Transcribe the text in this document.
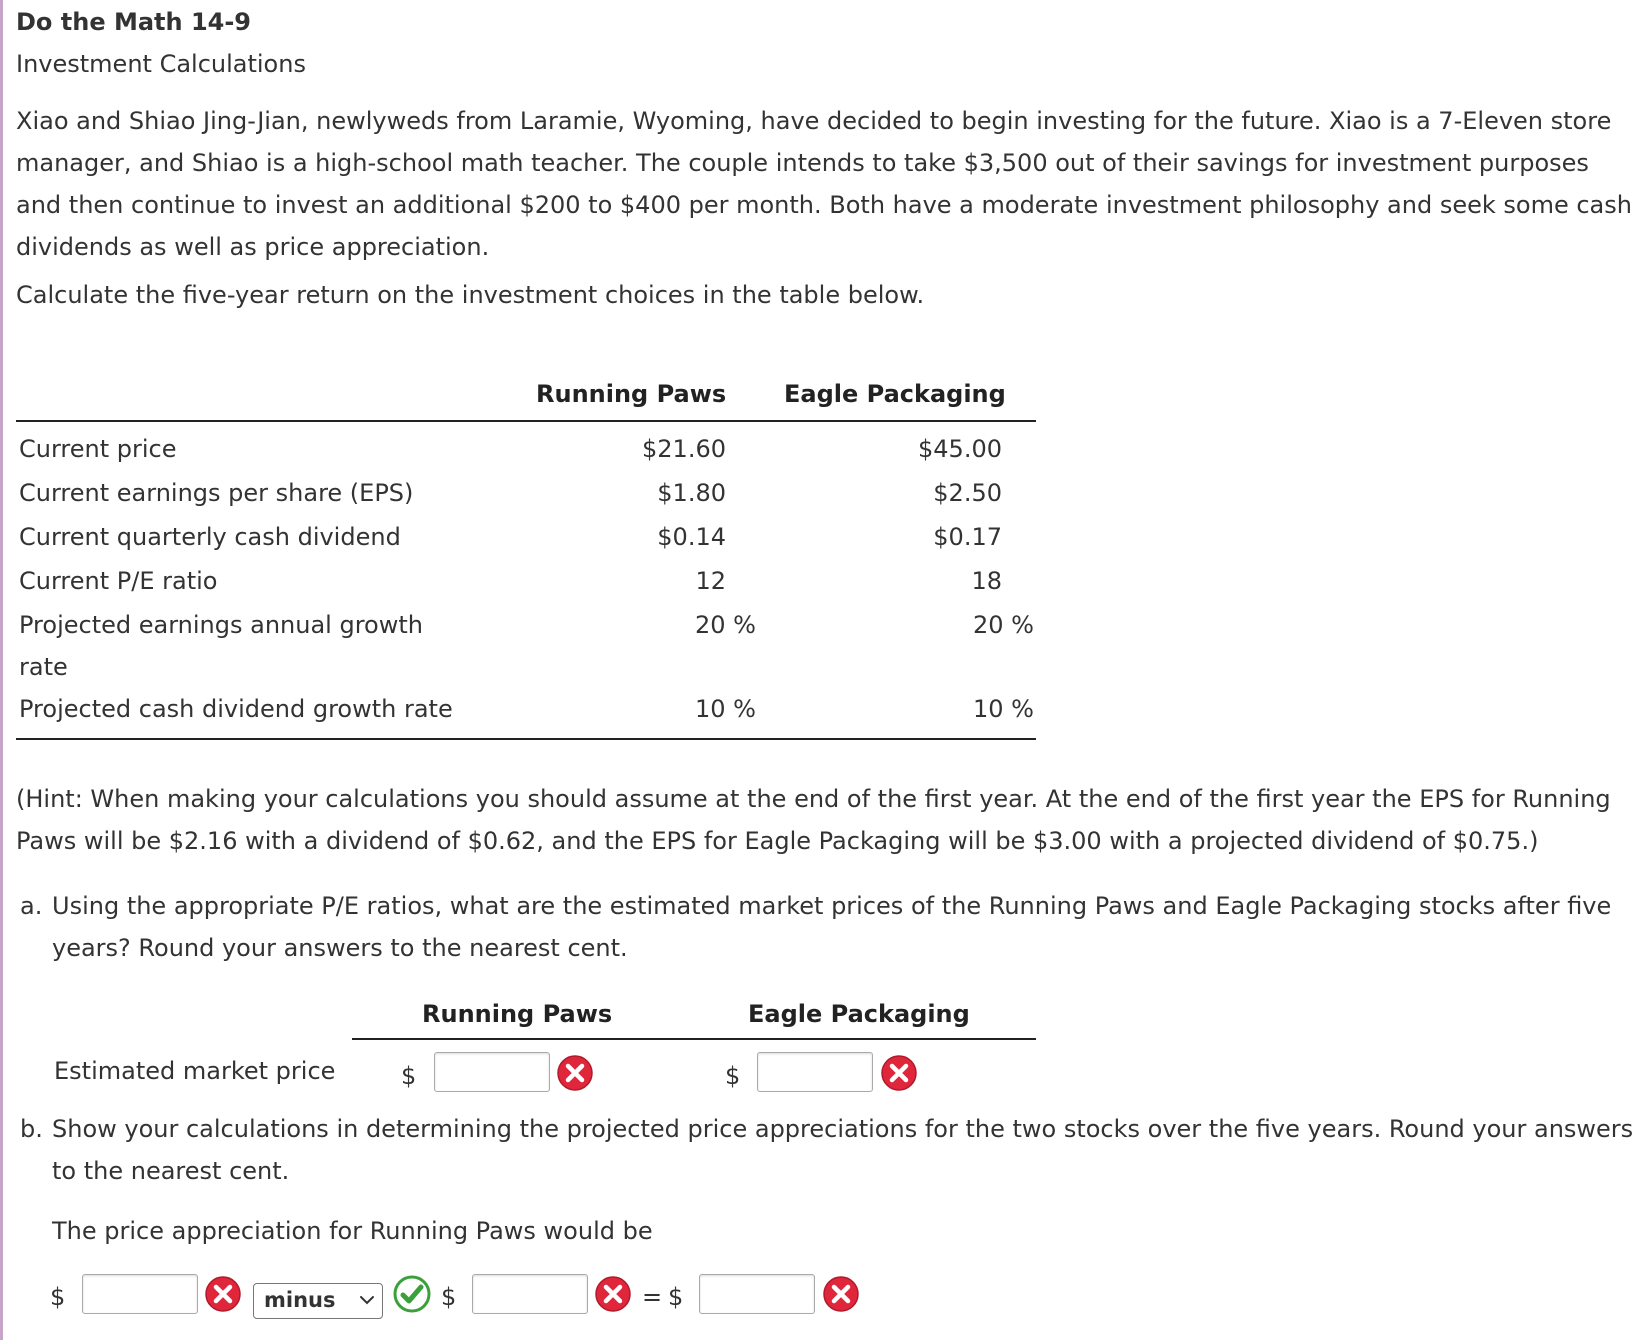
Do the Math 14-9
Investment Calculations
Xiao and Shiao Jing-Jian, newlyweds from Laramie, Wyoming, have decided to begin investing for the future. Xiao is a 7-Eleven store manager, and Shiao is a high-school math teacher. The couple intends to take $3,500 out of their savings for investment purposes and then continue to invest an additional $200 to $400 per month. Both have a moderate investment philosophy and seek some cash dividends as well as price appreciation.
Calculate the five-year return on the investment choices in the table below.
Running Paws Eagle Packaging
Current price	$21.60	$45.00
Current earnings per share (EPS)	$1.80	$2.50
Current quarterly cash dividend	$0.14	$0.17
Current P/E ratio	12	18
Projected earnings annual growth rate
20 %	20 %
Projected cash dividend growth rate	10 %	10 %
(Hint: When making your calculations you should assume at the end of the first year. At the end of the first year the EPS for Running Paws will be $2.16 with a dividend of $0.62, and the EPS for Eagle Packaging will be $3.00 with a projected dividend of $0.75.)
a. Using the appropriate P/E ratios, what are the estimated market prices of the Running Paws and Eagle Packaging stocks after five years? Round your answers to the nearest cent.
Running Paws	Eagle Packaging
Estimated market price	$	$
b. Show your calculations in determining the projected price appreciations for the two stocks over the five years. Round your answers to the nearest cent.
The price appreciation for Running Paws would be
$	minus	$	= $
